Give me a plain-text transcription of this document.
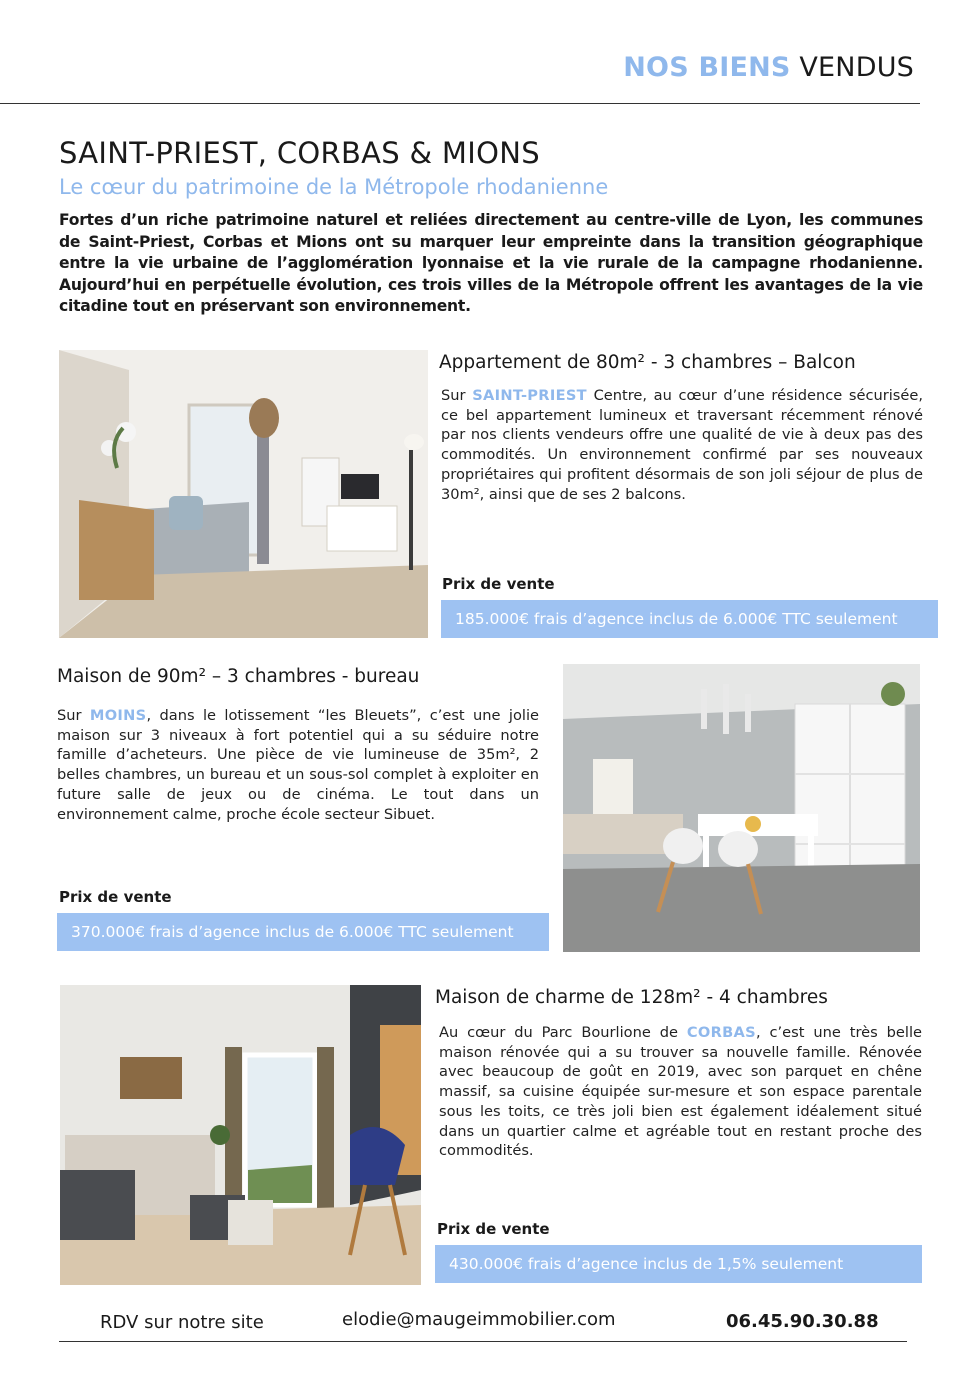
NOS BIENS VENDUS
SAINT-PRIEST, CORBAS & MIONS
Le cœur du patrimoine de la Métropole rhodanienne

Fortes d’un riche patrimoine naturel et reliées directement au centre-ville de Lyon, les communes de Saint-Priest, Corbas et Mions ont su marquer leur empreinte dans la transition géographique entre la vie urbaine de l’agglomération lyonnaise et la vie rurale de la campagne rhodanienne. Aujourd’hui en perpétuelle évolution, ces trois villes de la Métropole offrent les avantages de la vie citadine tout en préservant son environnement.

Appartement de 80m² - 3 chambres – Balcon

Sur SAINT-PRIEST Centre, au cœur d’une résidence sécurisée, ce bel appartement lumineux et traversant récemment rénové par nos clients vendeurs offre une qualité de vie à deux pas des commodités. Un environnement confirmé par ses nouveaux propriétaires qui profitent désormais de son joli séjour de plus de 30m², ainsi que de ses 2 balcons.

Prix de vente
185.000€ frais d’agence inclus de 6.000€ TTC seulement
Maison de 90m² – 3 chambres - bureau

Sur MOINS, dans le lotissement “les Bleuets”, c’est une jolie maison sur 3 niveaux à fort potentiel qui a su séduire notre famille d’acheteurs. Une pièce de vie lumineuse de 35m², 2 belles chambres, un bureau et un sous-sol complet à exploiter en future salle de jeux ou de cinéma. Le tout dans un environnement calme, proche école secteur Sibuet.

Prix de vente
370.000€ frais d’agence inclus de 6.000€ TTC seulement
Maison de charme de 128m² - 4 chambres

Au cœur du Parc Bourlione de CORBAS, c’est une très belle maison rénovée qui a su trouver sa nouvelle famille. Rénovée avec beaucoup de goût en 2019, avec son parquet en chêne massif, sa cuisine équipée sur-mesure et son espace parentale sous les toits, ce très joli bien est également idéalement situé dans un quartier calme et agréable tout en restant proche des commodités.

Prix de vente
430.000€ frais d’agence inclus de 1,5% seulement
RDV sur notre site	elodie@maugeimmobilier.com	06.45.90.30.88
